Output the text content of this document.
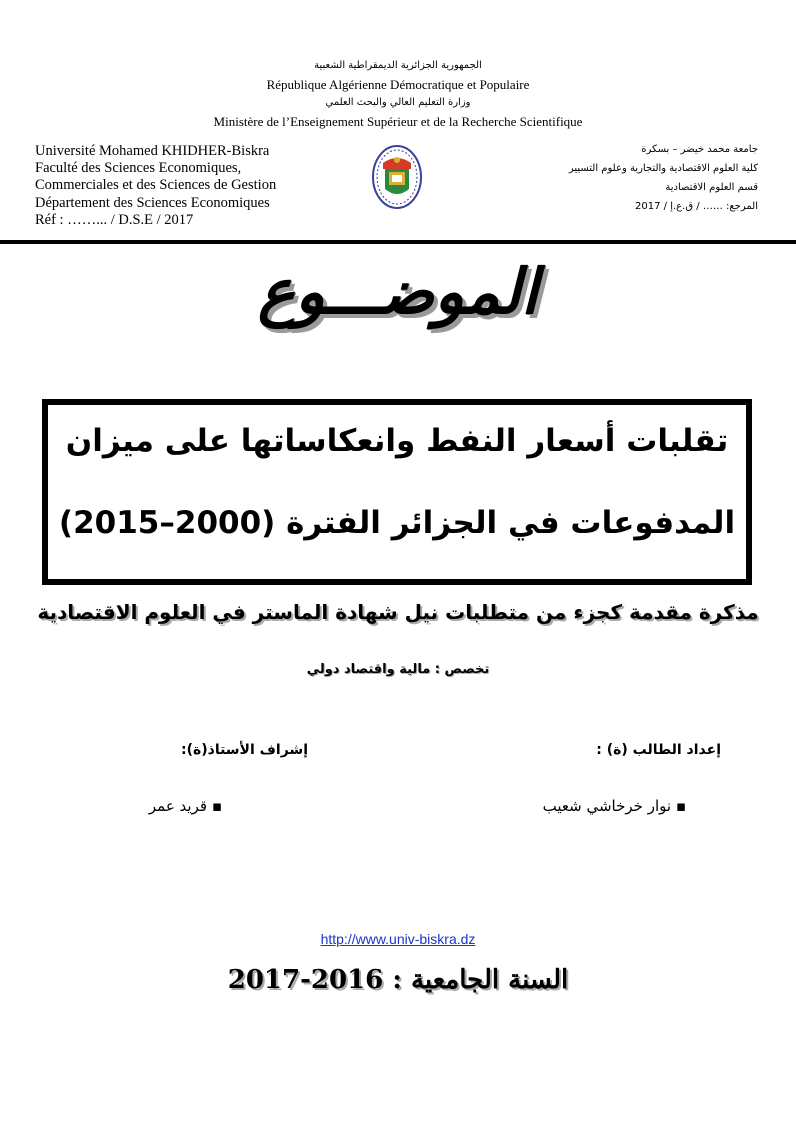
الجمهورية الجزائرية الديمقراطية الشعبية
République Algérienne Démocratique et Populaire
وزارة التعليم العالي والبحث العلمي
Ministère de l’Enseignement Supérieur et de la Recherche Scientifique
Université Mohamed KHIDHER-Biskra
Faculté des Sciences Economiques,
Commerciales et des Sciences de Gestion
Département des Sciences Economiques
Réf : ……... / D.S.E / 2017
جامعة محمد خيضر – بسكرة
كلية العلوم الاقتصادية والتجارية وعلوم التسيير
قسم العلوم الاقتصادية
المرجع: …… / ق.ع.إ / 2017
الموضـــوع
تقلبات أسعار النفط وانعكاساتها على ميزان
المدفوعات في الجزائر الفترة (2000–2015)
مذكرة مقدمة كجزء من متطلبات نيل شهادة الماستر في العلوم الاقتصادية
تخصص : مالية واقتصاد دولي
إعداد الطالب (ة) :
إشراف الأستاذ(ة):
▪ نوار خرخاشي شعيب
▪ قريد عمر
http://www.univ-biskra.dz
السنة الجامعية : 2016-2017
